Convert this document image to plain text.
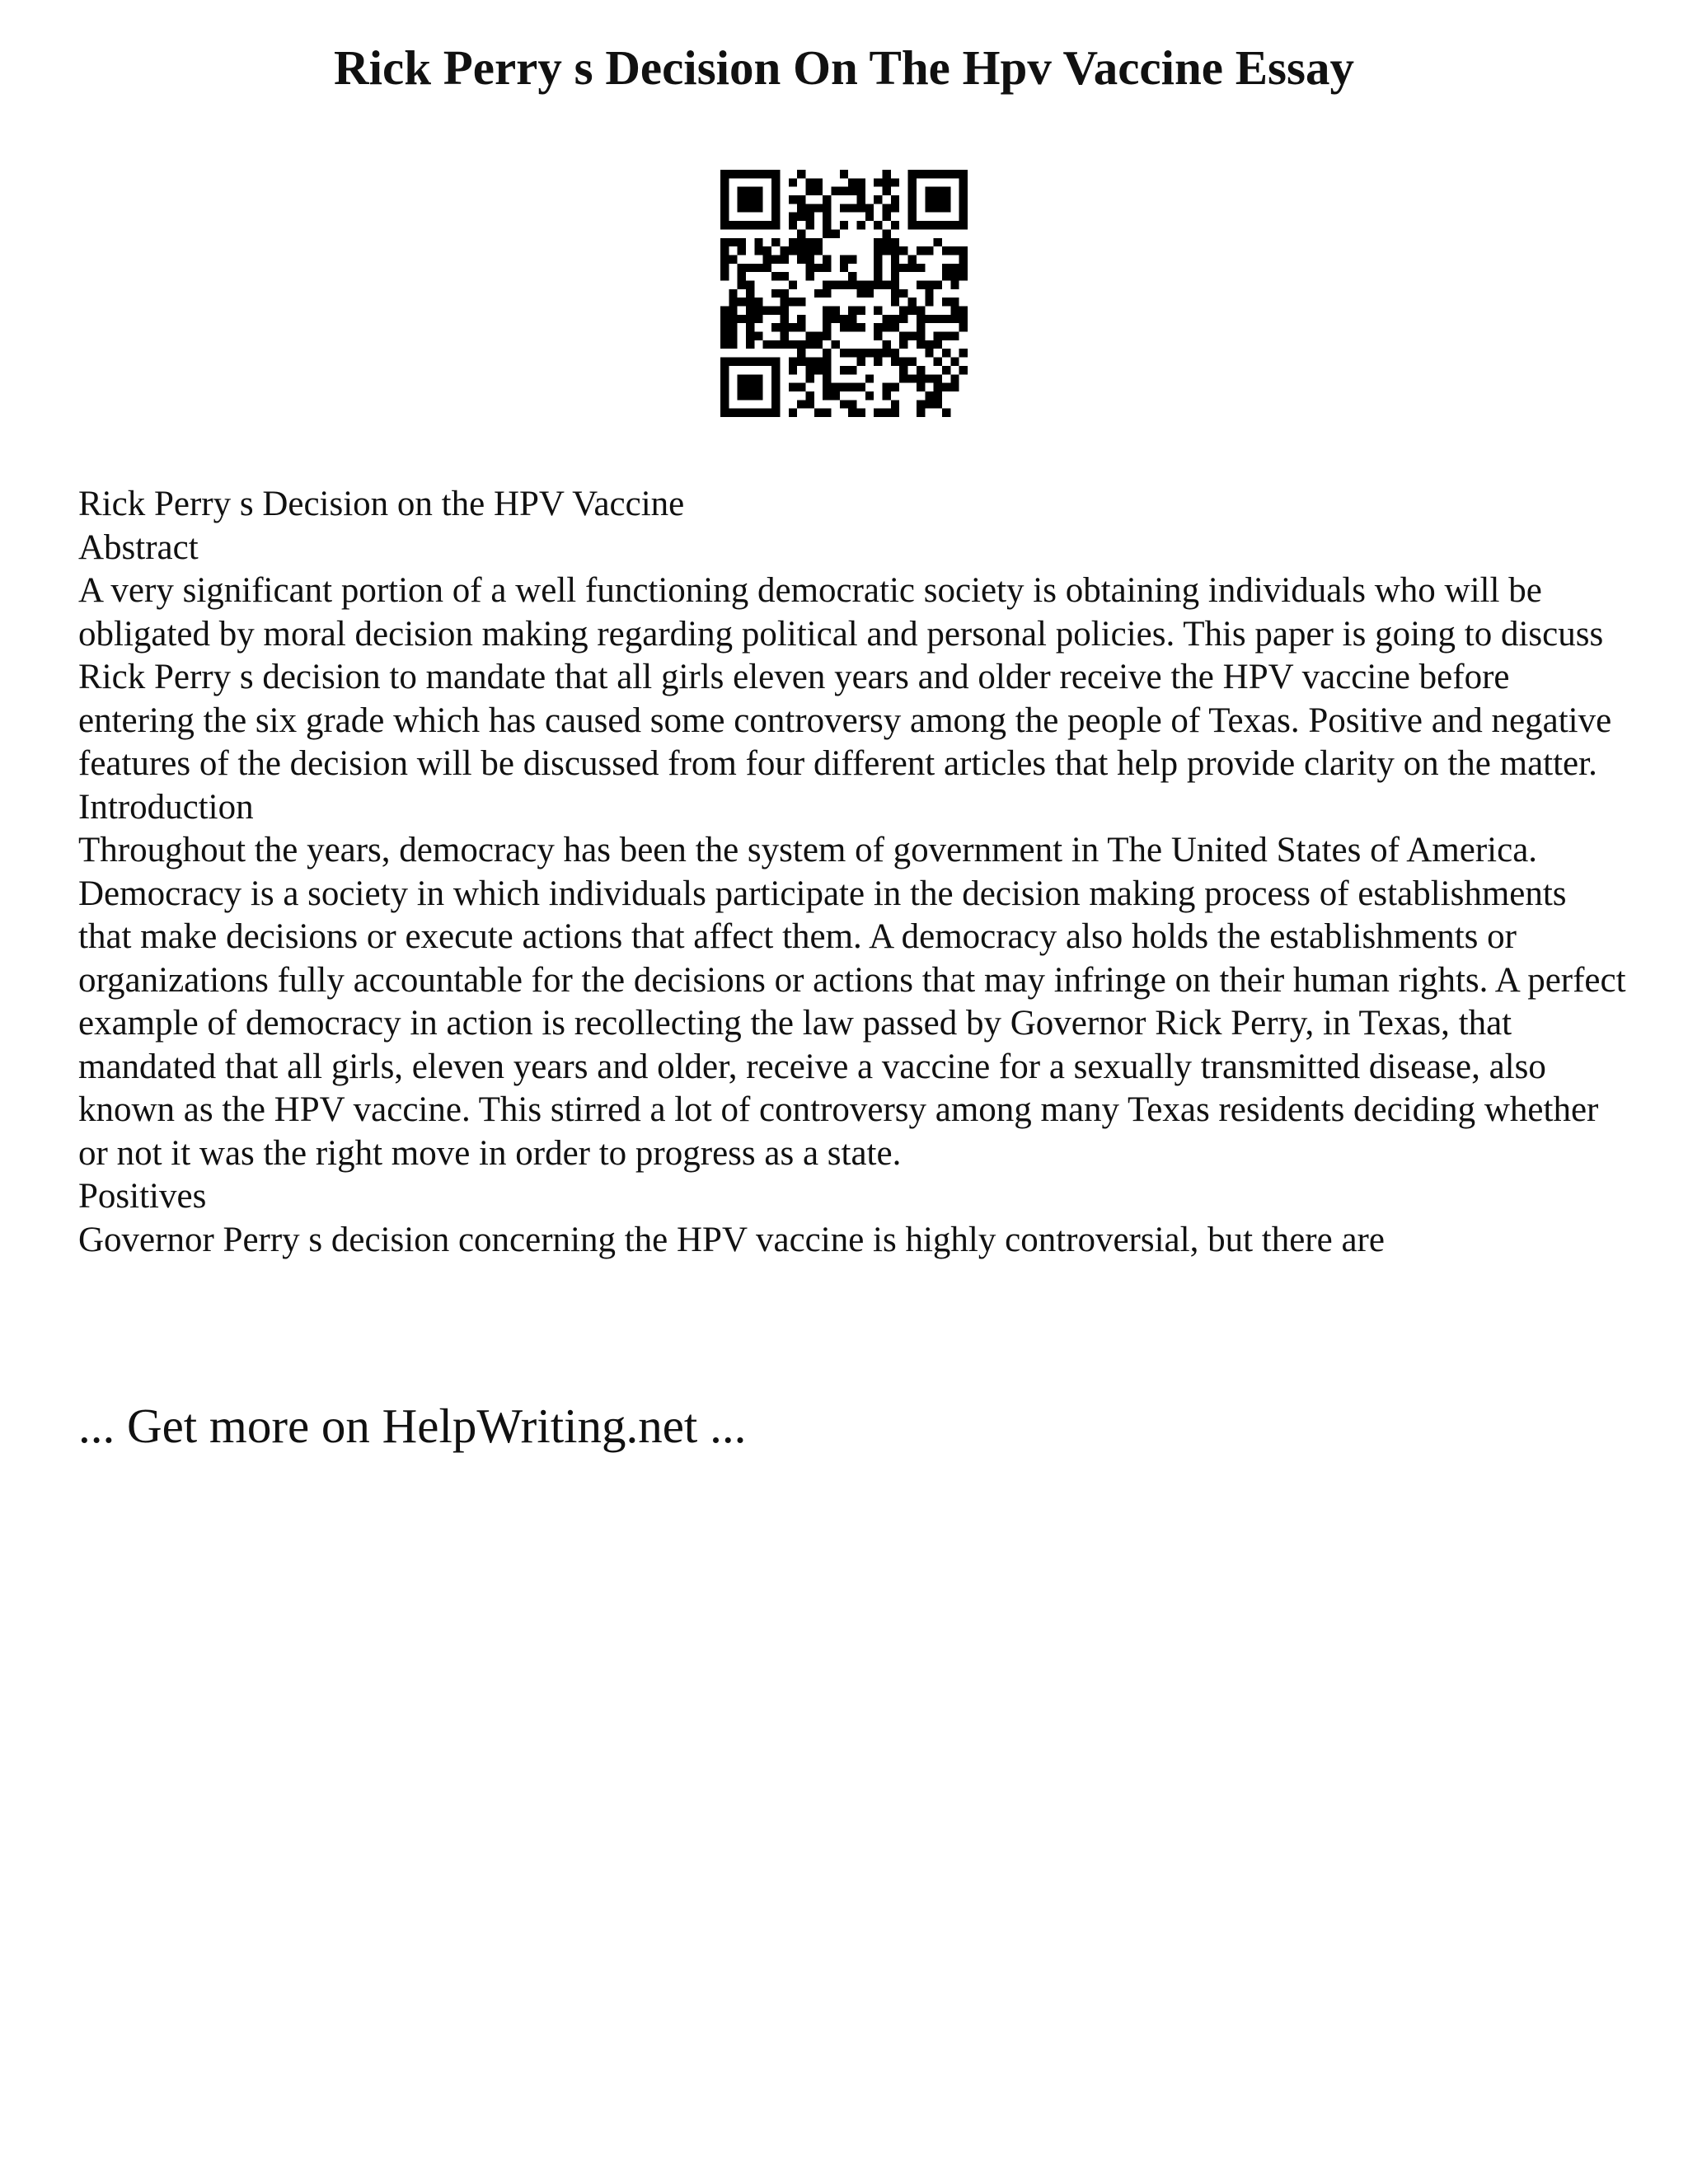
Rick Perry s Decision On The Hpv Vaccine Essay

Rick Perry s Decision on the HPV Vaccine

Abstract

A very significant portion of a well functioning democratic society is obtaining individuals who will be obligated by moral decision making regarding political and personal policies. This paper is going to discuss Rick Perry s decision to mandate that all girls eleven years and older receive the HPV vaccine before entering the six grade which has caused some controversy among the people of Texas. Positive and negative features of the decision will be discussed from four different articles that help provide clarity on the matter.

Introduction

Throughout the years, democracy has been the system of government in The United States of America. Democracy is a society in which individuals participate in the decision making process of establishments that make decisions or execute actions that affect them. A democracy also holds the establishments or organizations fully accountable for the decisions or actions that may infringe on their human rights. A perfect example of democracy in action is recollecting the law passed by Governor Rick Perry, in Texas, that mandated that all girls, eleven years and older, receive a vaccine for a sexually transmitted disease, also known as the HPV vaccine. This stirred a lot of controversy among many Texas residents deciding whether or not it was the right move in order to progress as a state.

Positives

Governor Perry s decision concerning the HPV vaccine is highly controversial, but there are

... Get more on HelpWriting.net ...
